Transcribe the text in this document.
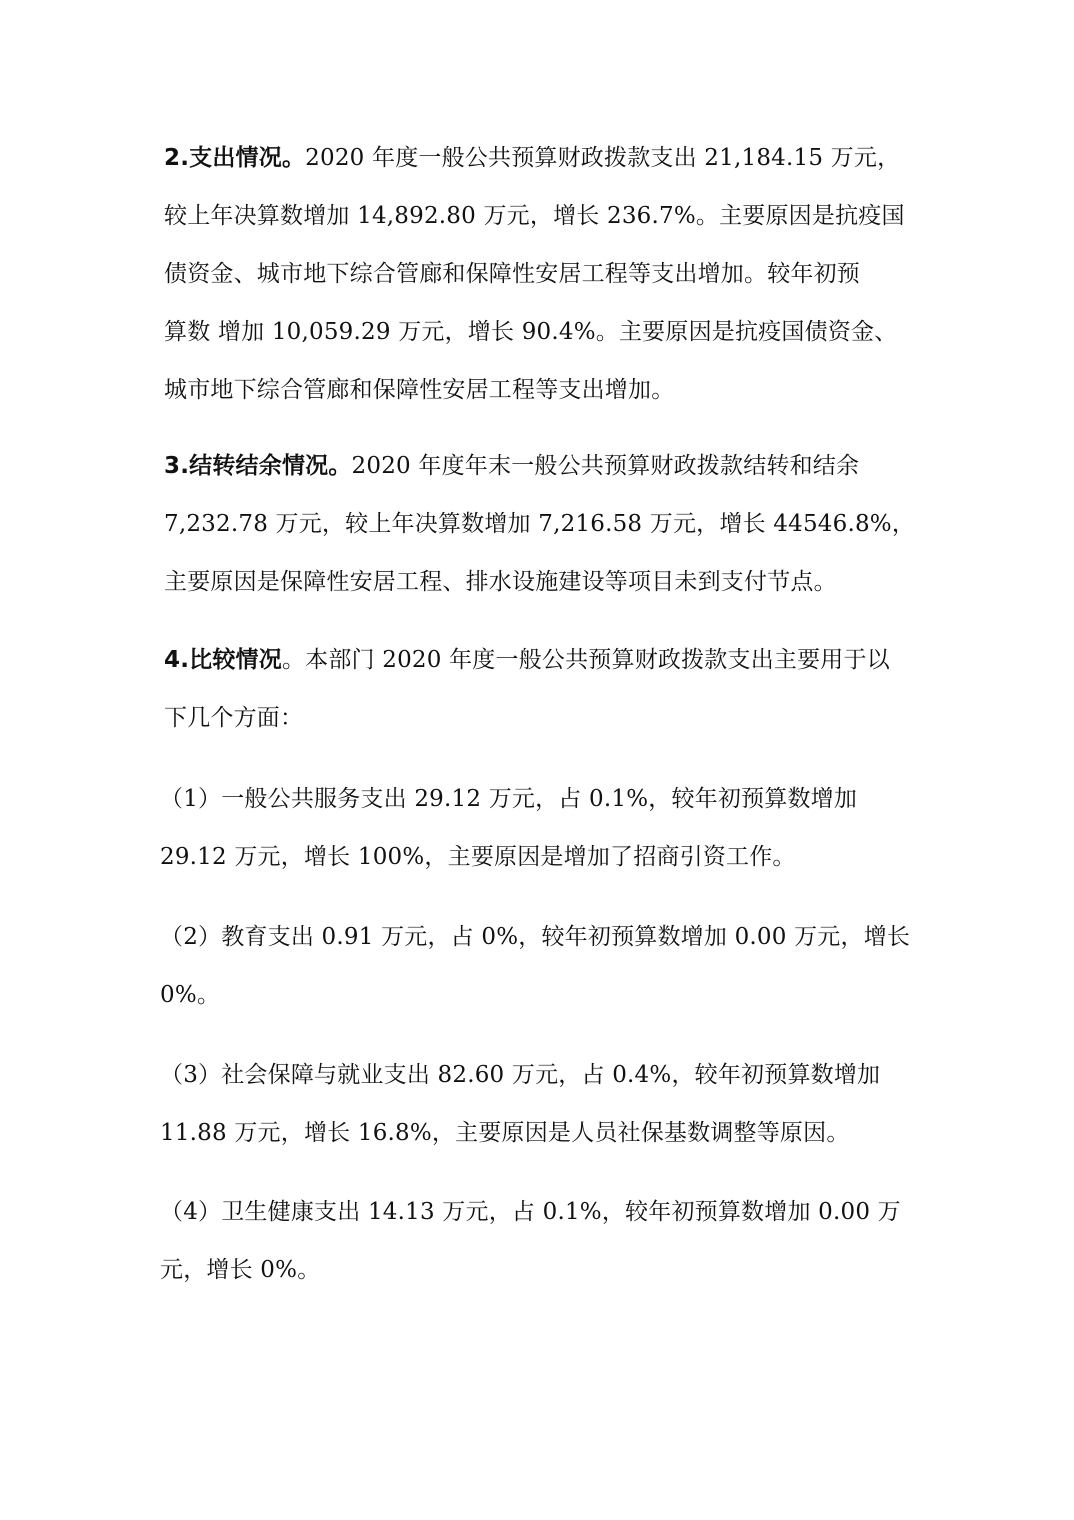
2.支出情况。2020 年度一般公共预算财政拨款支出 21,184.15 万元，

较上年决算数增加 14,892.80 万元，增长 236.7%。主要原因是抗疫国

债资金、城市地下综合管廊和保障性安居工程等支出增加。较年初预

算数 增加 10,059.29 万元，增长 90.4%。主要原因是抗疫国债资金、

城市地下综合管廊和保障性安居工程等支出增加。

3.结转结余情况。2020 年度年末一般公共预算财政拨款结转和结余

7,232.78 万元，较上年决算数增加 7,216.58 万元，增长 44546.8%，

主要原因是保障性安居工程、排水设施建设等项目未到支付节点。

4.比较情况。本部门 2020 年度一般公共预算财政拨款支出主要用于以

下几个方面：

（1）一般公共服务支出 29.12 万元，占 0.1%，较年初预算数增加

29.12 万元，增长 100%，主要原因是增加了招商引资工作。

（2）教育支出 0.91 万元，占 0%，较年初预算数增加 0.00 万元，增长

0%。

（3）社会保障与就业支出 82.60 万元，占 0.4%，较年初预算数增加

11.88 万元，增长 16.8%，主要原因是人员社保基数调整等原因。

（4）卫生健康支出 14.13 万元，占 0.1%，较年初预算数增加 0.00 万

元，增长 0%。
